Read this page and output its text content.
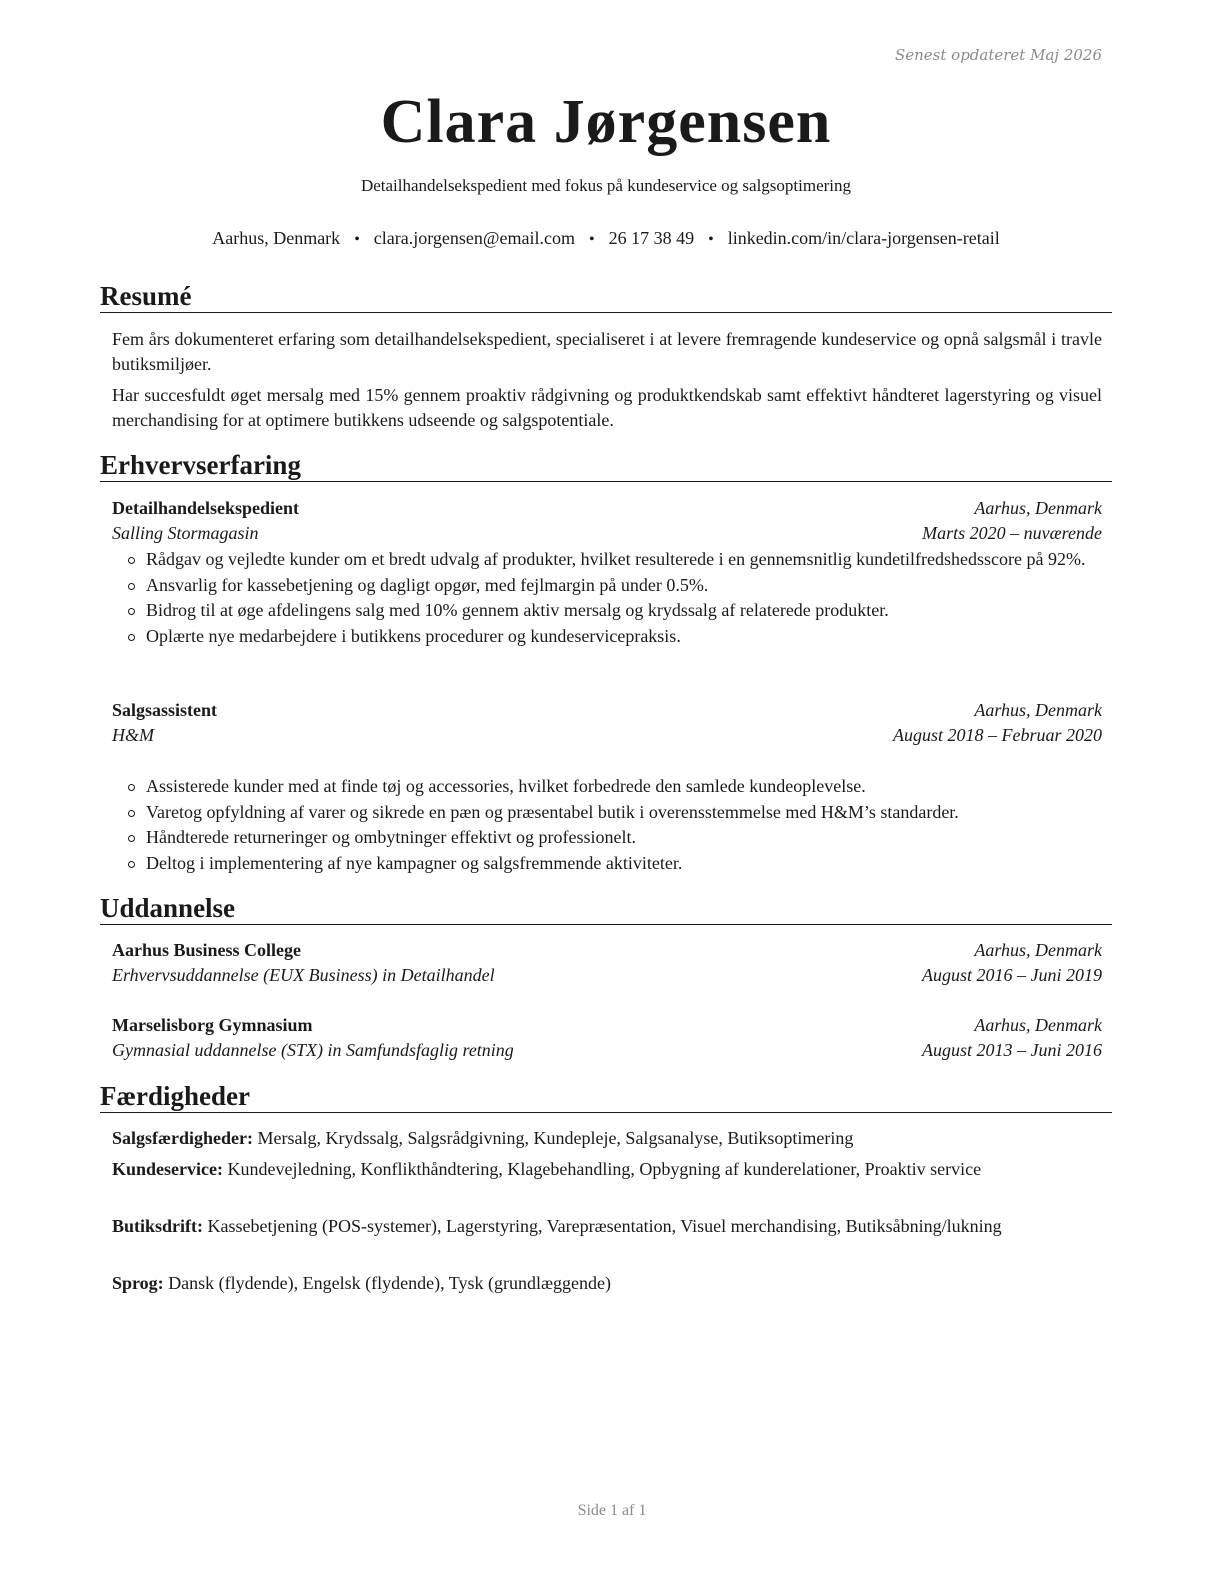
Senest opdateret Maj 2026
Clara Jørgensen
Detailhandelsekspedient med fokus på kundeservice og salgsoptimering
Aarhus, Denmark • clara.jorgensen@email.com • 26 17 38 49 • linkedin.com/in/clara-jorgensen-retail
Resumé
Fem års dokumenteret erfaring som detailhandelsekspedient, specialiseret i at levere fremragende kundeservice og opnå salgsmål i travle butiksmiljøer.
Har succesfuldt øget mersalg med 15% gennem proaktiv rådgivning og produktkendskab samt effektivt håndteret lagerstyring og visuel merchandising for at optimere butikkens udseende og salgspotentiale.
Erhvervserfaring
Detailhandelsekspedient	Aarhus, Denmark
Salling Stormagasin	Marts 2020 – nuværende
Rådgav og vejledte kunder om et bredt udvalg af produkter, hvilket resulterede i en gennemsnitlig kundetilfredshedsscore på 92%.
Ansvarlig for kassebetjening og dagligt opgør, med fejlmargin på under 0.5%.
Bidrog til at øge afdelingens salg med 10% gennem aktiv mersalg og krydssalg af relaterede produkter.
Oplærte nye medarbejdere i butikkens procedurer og kundeservicepraksis.
Salgsassistent	Aarhus, Denmark
H&M	August 2018 – Februar 2020
Assisterede kunder med at finde tøj og accessories, hvilket forbedrede den samlede kundeoplevelse.
Varetog opfyldning af varer og sikrede en pæn og præsentabel butik i overensstemmelse med H&M’s standarder.
Håndterede returneringer og ombytninger effektivt og professionelt.
Deltog i implementering af nye kampagner og salgsfremmende aktiviteter.
Uddannelse
Aarhus Business College	Aarhus, Denmark
Erhvervsuddannelse (EUX Business) in Detailhandel	August 2016 – Juni 2019
Marselisborg Gymnasium	Aarhus, Denmark
Gymnasial uddannelse (STX) in Samfundsfaglig retning	August 2013 – Juni 2016
Færdigheder
Salgsfærdigheder: Mersalg, Krydssalg, Salgsrådgivning, Kundepleje, Salgsanalyse, Butiksoptimering
Kundeservice: Kundevejledning, Konflikthåndtering, Klagebehandling, Opbygning af kunderelationer, Proaktiv service
Butiksdrift: Kassebetjening (POS-systemer), Lagerstyring, Varepræsentation, Visuel merchandising, Butiksåbning/lukning
Sprog: Dansk (flydende), Engelsk (flydende), Tysk (grundlæggende)
Side 1 af 1
